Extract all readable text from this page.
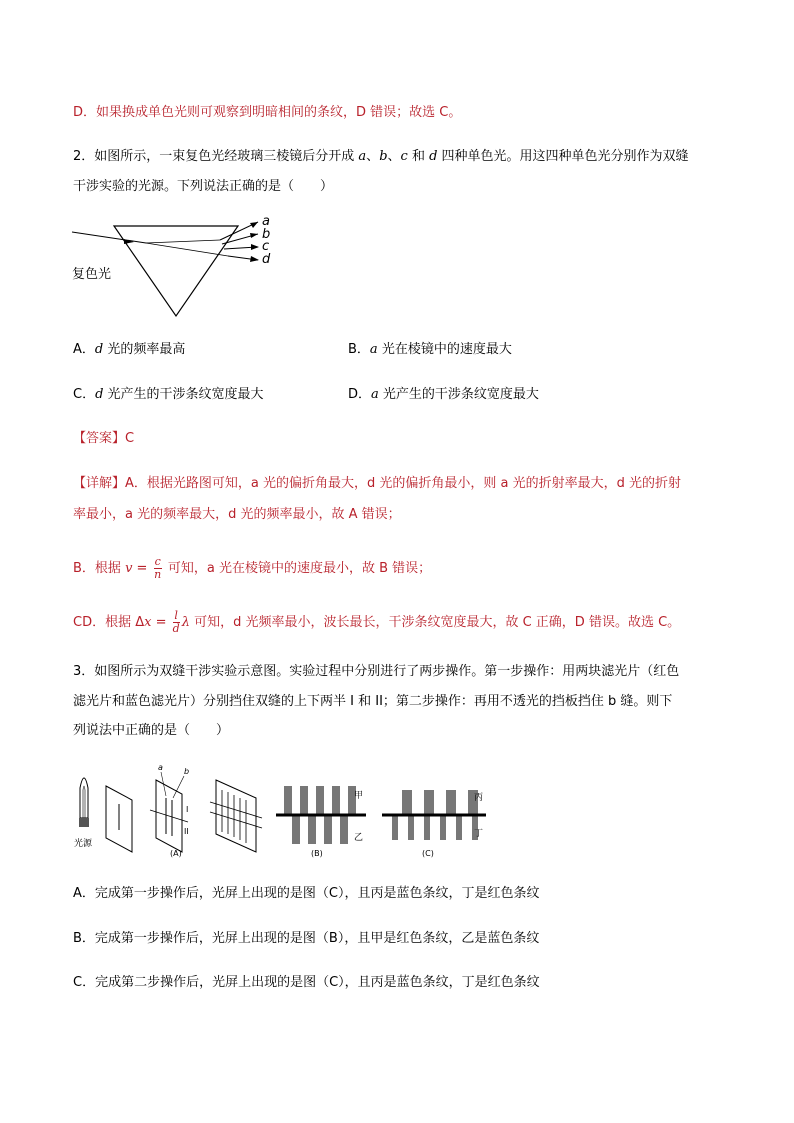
D．如果换成单色光则可观察到明暗相间的条纹，D 错误；故选 C。
2．如图所示，一束复色光经玻璃三棱镜后分开成 a、b、c 和 d 四种单色光。用这四种单色光分别作为双缝
干涉实验的光源。下列说法正确的是（　　）
a
b
c
d
复色光
A．d 光的频率最高	B．a 光在棱镜中的速度最大
C．d 光产生的干涉条纹宽度最大	D．a 光产生的干涉条纹宽度最大
【答案】C
【详解】A．根据光路图可知，a 光的偏折角最大，d 光的偏折角最小，则 a 光的折射率最大，d 光的折射
率最小，a 光的频率最大，d 光的频率最小，故 A 错误；
B．根据 $v = \frac{c}{n}$ 可知，a 光在棱镜中的速度最小，故 B 错误；
CD．根据 $\Delta x = \frac{l}{d}$ λ 可知，d 光频率最小，波长最长，干涉条纹宽度最大，故 C 正确，D 错误。故选 C。
3．如图所示为双缝干涉实验示意图。实验过程中分别进行了两步操作。第一步操作：用两块滤光片（红色
滤光片和蓝色滤光片）分别挡住双缝的上下两半 I 和 II；第二步操作：再用不透光的挡板挡住 b 缝。则下
列说法中正确的是（　　）
光源
a	b
I
II
(A)
甲
乙
(B)
丙
丁
(C)
A．完成第一步操作后，光屏上出现的是图（C），且丙是蓝色条纹，丁是红色条纹
B．完成第一步操作后，光屏上出现的是图（B），且甲是红色条纹，乙是蓝色条纹
C．完成第二步操作后，光屏上出现的是图（C），且丙是蓝色条纹，丁是红色条纹
